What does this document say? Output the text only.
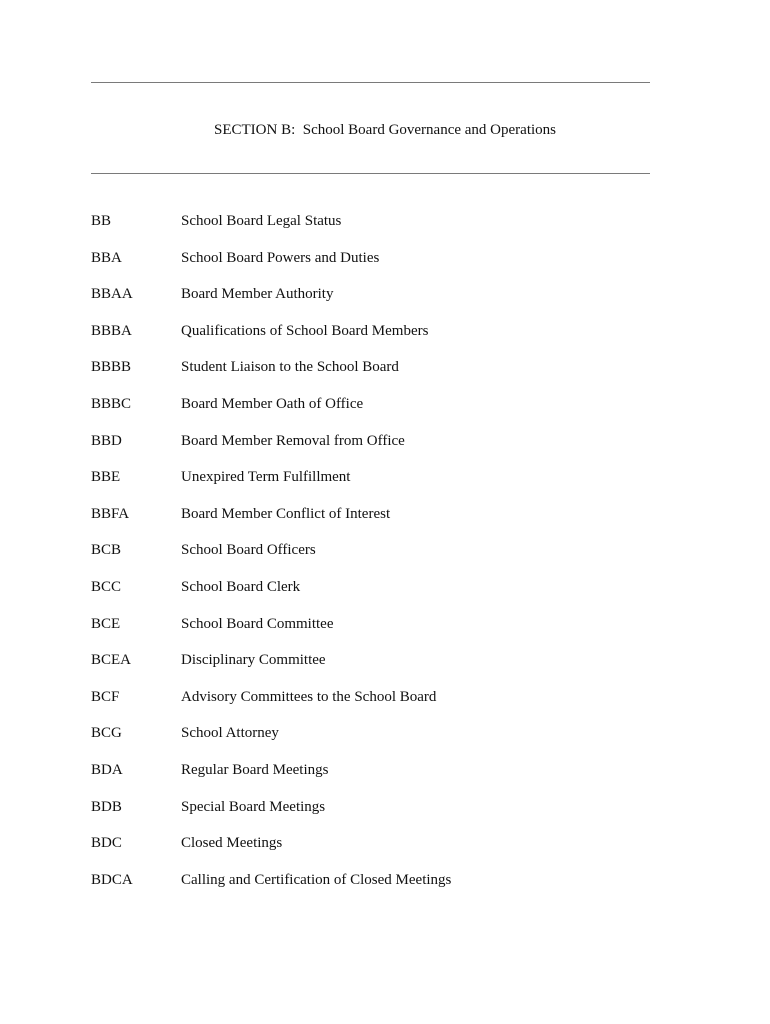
SECTION B:  School Board Governance and Operations
BB	School Board Legal Status
BBA	School Board Powers and Duties
BBAA	Board Member Authority
BBBA	Qualifications of School Board Members
BBBB	Student Liaison to the School Board
BBBC	Board Member Oath of Office
BBD	Board Member Removal from Office
BBE	Unexpired Term Fulfillment
BBFA	Board Member Conflict of Interest
BCB	School Board Officers
BCC	School Board Clerk
BCE	School Board Committee
BCEA	Disciplinary Committee
BCF	Advisory Committees to the School Board
BCG	School Attorney
BDA	Regular Board Meetings
BDB	Special Board Meetings
BDC	Closed Meetings
BDCA	Calling and Certification of Closed Meetings
